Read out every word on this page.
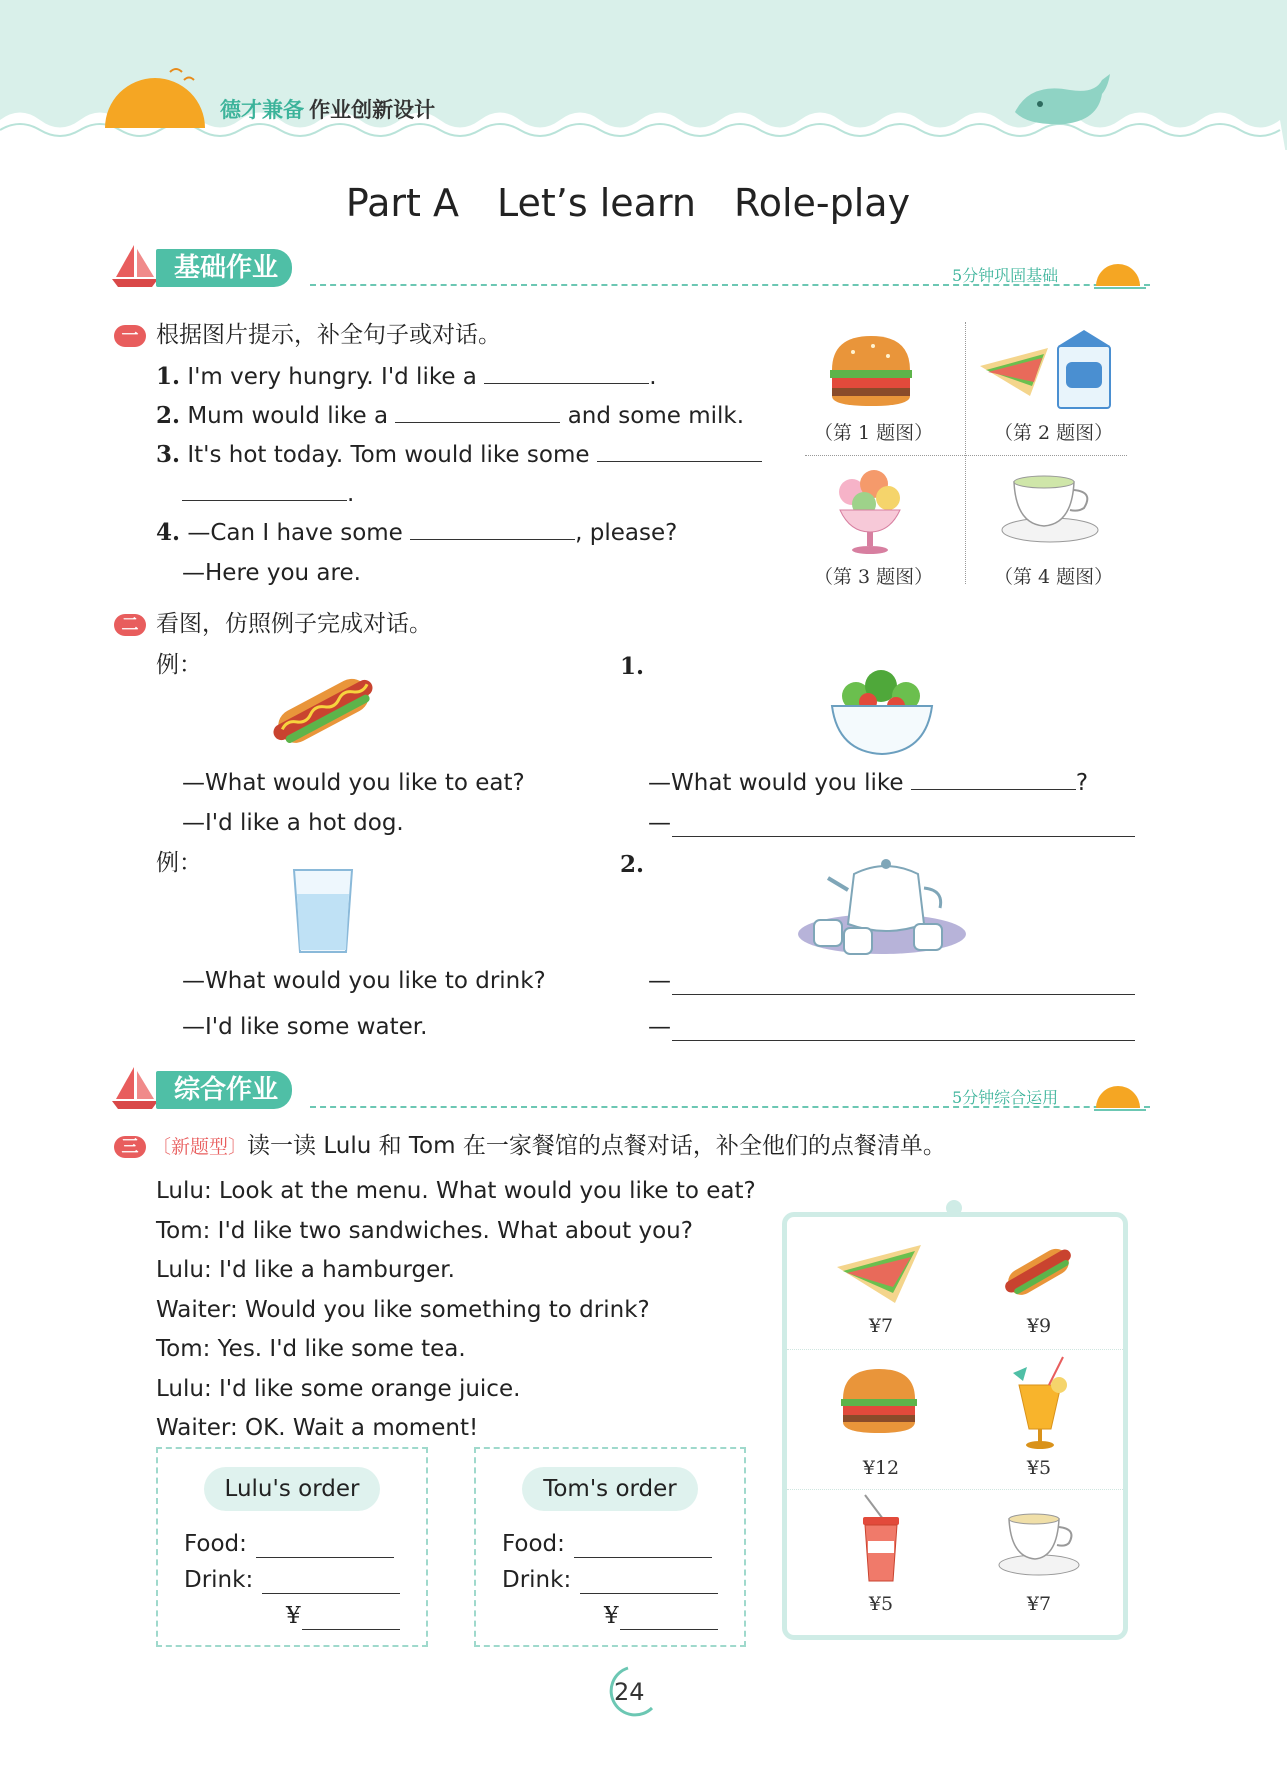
德才兼备 作业创新设计
Part A　Let’s learn　Role-play
基础作业	5分钟巩固基础
一 根据图片提示，补全句子或对话。
1. I'm very hungry. I'd like a	.
2. Mum would like a	and some milk.
3. It's hot today. Tom would like some
.
4. —Can I have some	, please?
—Here you are.
（第 1 题图）	（第 2 题图）
（第 3 题图）	（第 4 题图）
二 看图，仿照例子完成对话。
例：
—What would you like to eat?
—I'd like a hot dog.
例：
—What would you like to drink?
—I'd like some water.
1.
—What would you like	?
—
2.
—
—
综合作业	5分钟综合运用
三 〔新题型〕读一读 Lulu 和 Tom 在一家餐馆的点餐对话，补全他们的点餐清单。
Lulu: Look at the menu. What would you like to eat?
Tom: I'd like two sandwiches. What about you?
Lulu: I'd like a hamburger.
Waiter: Would you like something to drink?
Tom: Yes. I'd like some tea.
Lulu: I'd like some orange juice.
Waiter: OK. Wait a moment!
Lulu's order
Food:
Drink:
¥
Tom's order
Food:
Drink:
¥
¥7	¥9
¥12	¥5
¥5	¥7
24
